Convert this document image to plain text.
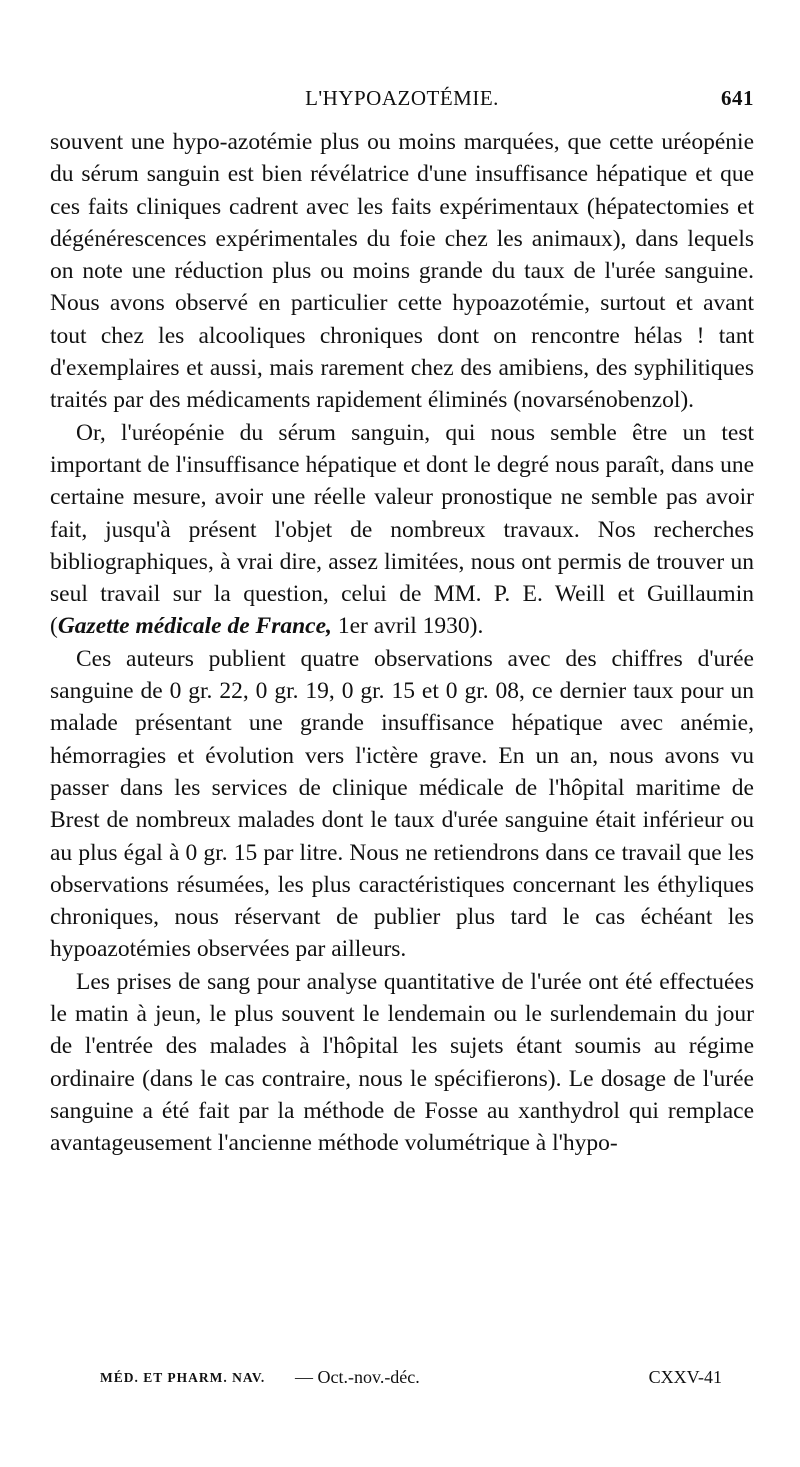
L'HYPOAZOTÉMIE.	641

souvent une hypo-azotémie plus ou moins marquées, que cette uréopénie du sérum sanguin est bien révélatrice d'une insuffisance hépatique et que ces faits cliniques cadrent avec les faits expérimentaux (hépatectomies et dégénérescences expérimentales du foie chez les animaux), dans lequels on note une réduction plus ou moins grande du taux de l'urée sanguine. Nous avons observé en particulier cette hypoazotémie, surtout et avant tout chez les alcooliques chroniques dont on rencontre hélas ! tant d'exemplaires et aussi, mais rarement chez des amibiens, des syphilitiques traités par des médicaments rapidement éliminés (novarsénobenzol).

Or, l'uréopénie du sérum sanguin, qui nous semble être un test important de l'insuffisance hépatique et dont le degré nous paraît, dans une certaine mesure, avoir une réelle valeur pronostique ne semble pas avoir fait, jusqu'à présent l'objet de nombreux travaux. Nos recherches bibliographiques, à vrai dire, assez limitées, nous ont permis de trouver un seul travail sur la question, celui de MM. P. E. Weill et Guillaumin (Gazette médicale de France, 1er avril 1930).

Ces auteurs publient quatre observations avec des chiffres d'urée sanguine de 0 gr. 22, 0 gr. 19, 0 gr. 15 et 0 gr. 08, ce dernier taux pour un malade présentant une grande insuffisance hépatique avec anémie, hémorragies et évolution vers l'ictère grave. En un an, nous avons vu passer dans les services de clinique médicale de l'hôpital maritime de Brest de nombreux malades dont le taux d'urée sanguine était inférieur ou au plus égal à 0 gr. 15 par litre. Nous ne retiendrons dans ce travail que les observations résumées, les plus caractéristiques concernant les éthyliques chroniques, nous réservant de publier plus tard le cas échéant les hypoazotémies observées par ailleurs.

Les prises de sang pour analyse quantitative de l'urée ont été effectuées le matin à jeun, le plus souvent le lendemain ou le surlendemain du jour de l'entrée des malades à l'hôpital les sujets étant soumis au régime ordinaire (dans le cas contraire, nous le spécifierons). Le dosage de l'urée sanguine a été fait par la méthode de Fosse au xanthydrol qui remplace avantageusement l'ancienne méthode volumétrique à l'hypo-

MÉD. ET PHARM. NAV. — Oct.-nov.-déc.	CXXV-41
